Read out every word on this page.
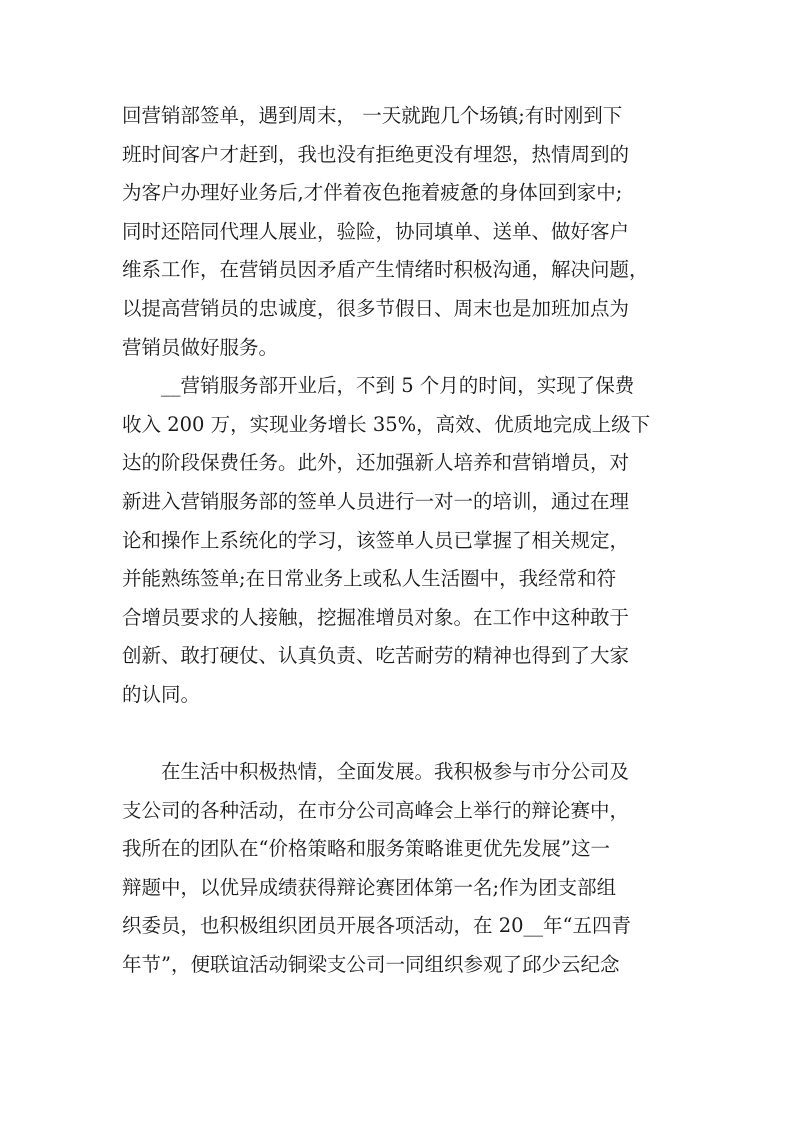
回营销部签单，遇到周末， 一天就跑几个场镇;有时刚到下
班时间客户才赶到，我也没有拒绝更没有埋怨，热情周到的
为客户办理好业务后,才伴着夜色拖着疲惫的身体回到家中;
同时还陪同代理人展业，验险，协同填单、送单、做好客户
维系工作，在营销员因矛盾产生情绪时积极沟通，解决问题，
以提高营销员的忠诚度，很多节假日、周末也是加班加点为
营销员做好服务。
__营销服务部开业后，不到 5 个月的时间，实现了保费
收入 200 万，实现业务增长 35%，高效、优质地完成上级下
达的阶段保费任务。此外，还加强新人培养和营销增员，对
新进入营销服务部的签单人员进行一对一的培训，通过在理
论和操作上系统化的学习，该签单人员已掌握了相关规定，
并能熟练签单;在日常业务上或私人生活圈中，我经常和符
合增员要求的人接触，挖掘准增员对象。在工作中这种敢于
创新、敢打硬仗、认真负责、吃苦耐劳的精神也得到了大家
的认同。
在生活中积极热情，全面发展。我积极参与市分公司及
支公司的各种活动，在市分公司高峰会上举行的辩论赛中，
我所在的团队在“价格策略和服务策略谁更优先发展”这一
辩题中，以优异成绩获得辩论赛团体第一名;作为团支部组
织委员，也积极组织团员开展各项活动，在 20__年“五四青
年节”，便联谊活动铜梁支公司一同组织参观了邱少云纪念
